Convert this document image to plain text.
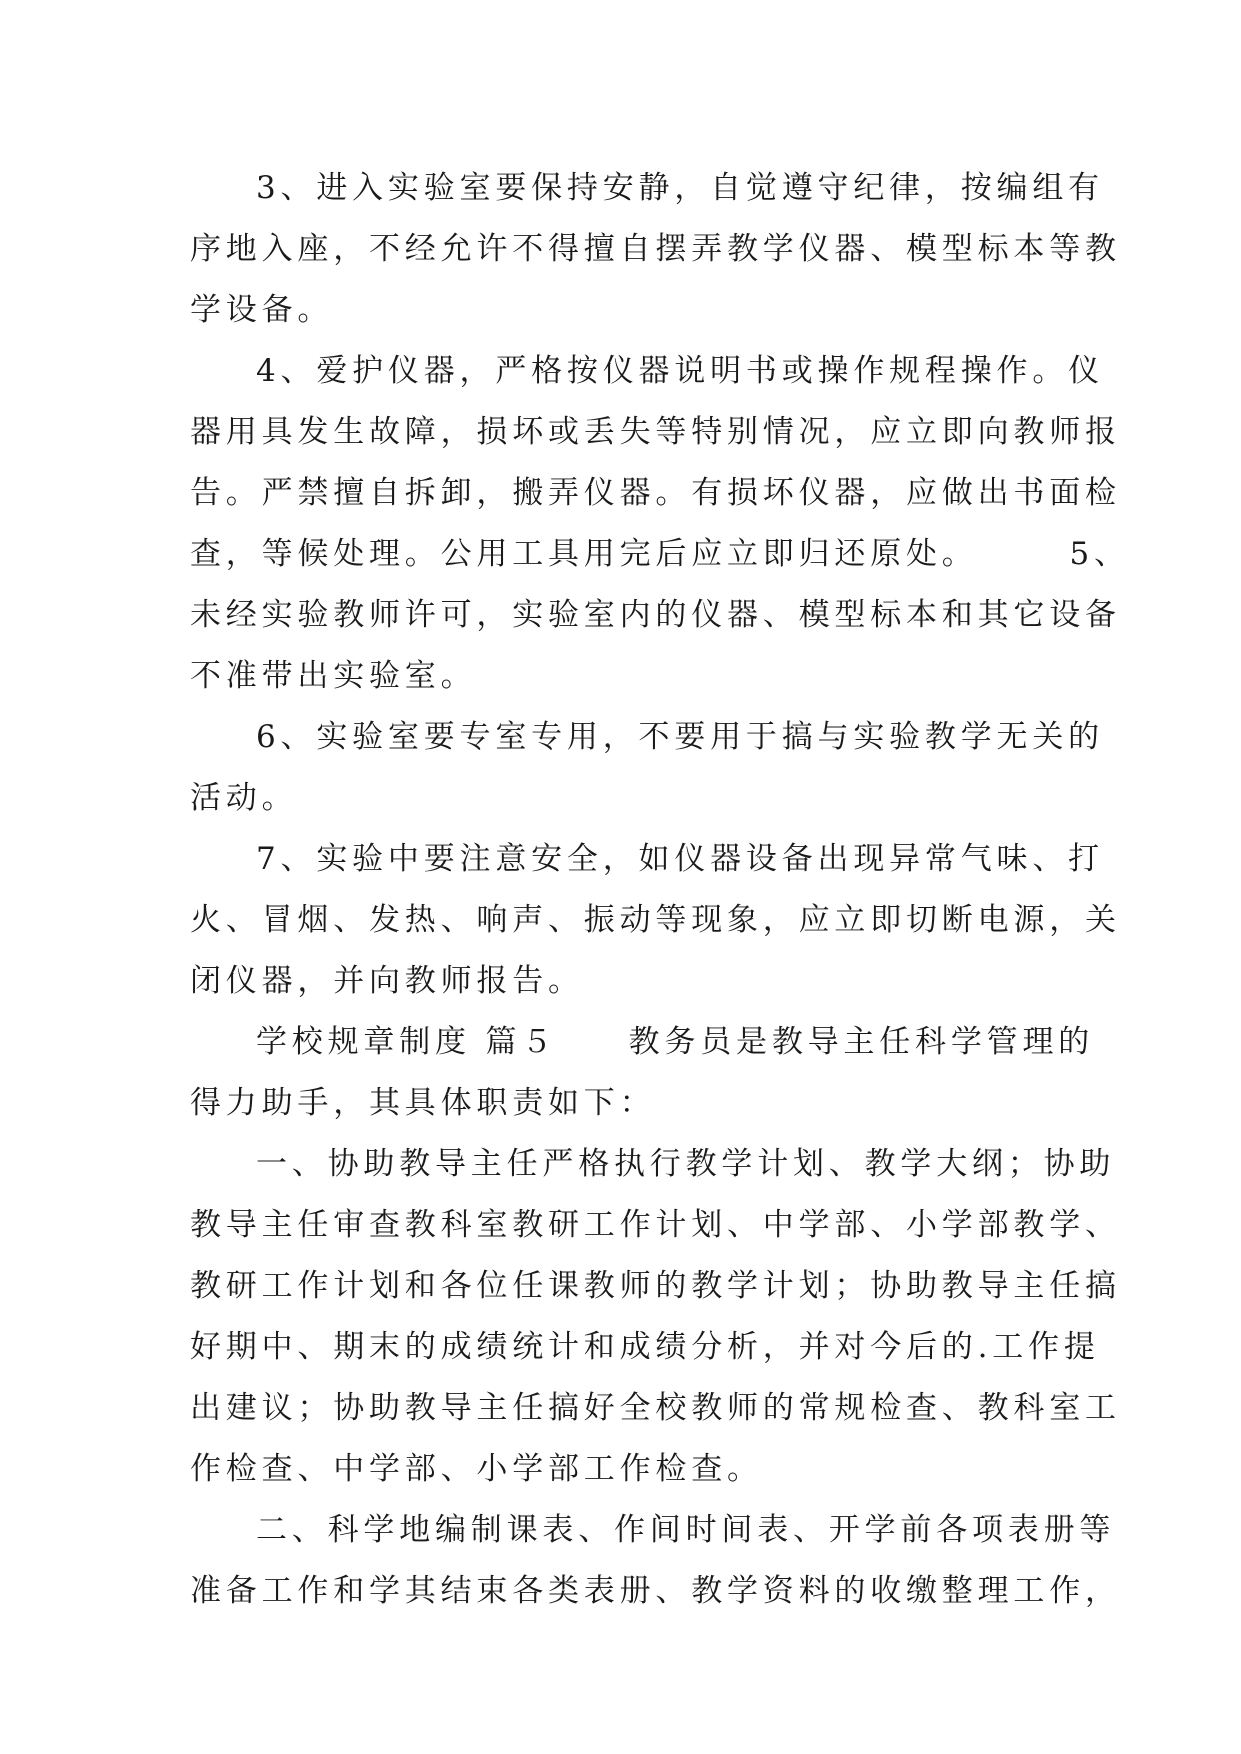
3、进入实验室要保持安静，自觉遵守纪律，按编组有
序地入座，不经允许不得擅自摆弄教学仪器、模型标本等教
学设备。
4、爱护仪器，严格按仪器说明书或操作规程操作。仪
器用具发生故障，损坏或丢失等特别情况，应立即向教师报
告。严禁擅自拆卸，搬弄仪器。有损坏仪器，应做出书面检
查，等候处理。公用工具用完后应立即归还原处。　　　5、
未经实验教师许可，实验室内的仪器、模型标本和其它设备
不准带出实验室。
6、实验室要专室专用，不要用于搞与实验教学无关的
活动。
7、实验中要注意安全，如仪器设备出现异常气味、打
火、冒烟、发热、响声、振动等现象，应立即切断电源，关
闭仪器，并向教师报告。
学校规章制度 篇５　　教务员是教导主任科学管理的
得力助手，其具体职责如下：
一、协助教导主任严格执行教学计划、教学大纲；协助
教导主任审查教科室教研工作计划、中学部、小学部教学、
教研工作计划和各位任课教师的教学计划；协助教导主任搞
好期中、期末的成绩统计和成绩分析，并对今后的.工作提
出建议；协助教导主任搞好全校教师的常规检查、教科室工
作检查、中学部、小学部工作检查。
二、科学地编制课表、作间时间表、开学前各项表册等
准备工作和学其结束各类表册、教学资料的收缴整理工作，
